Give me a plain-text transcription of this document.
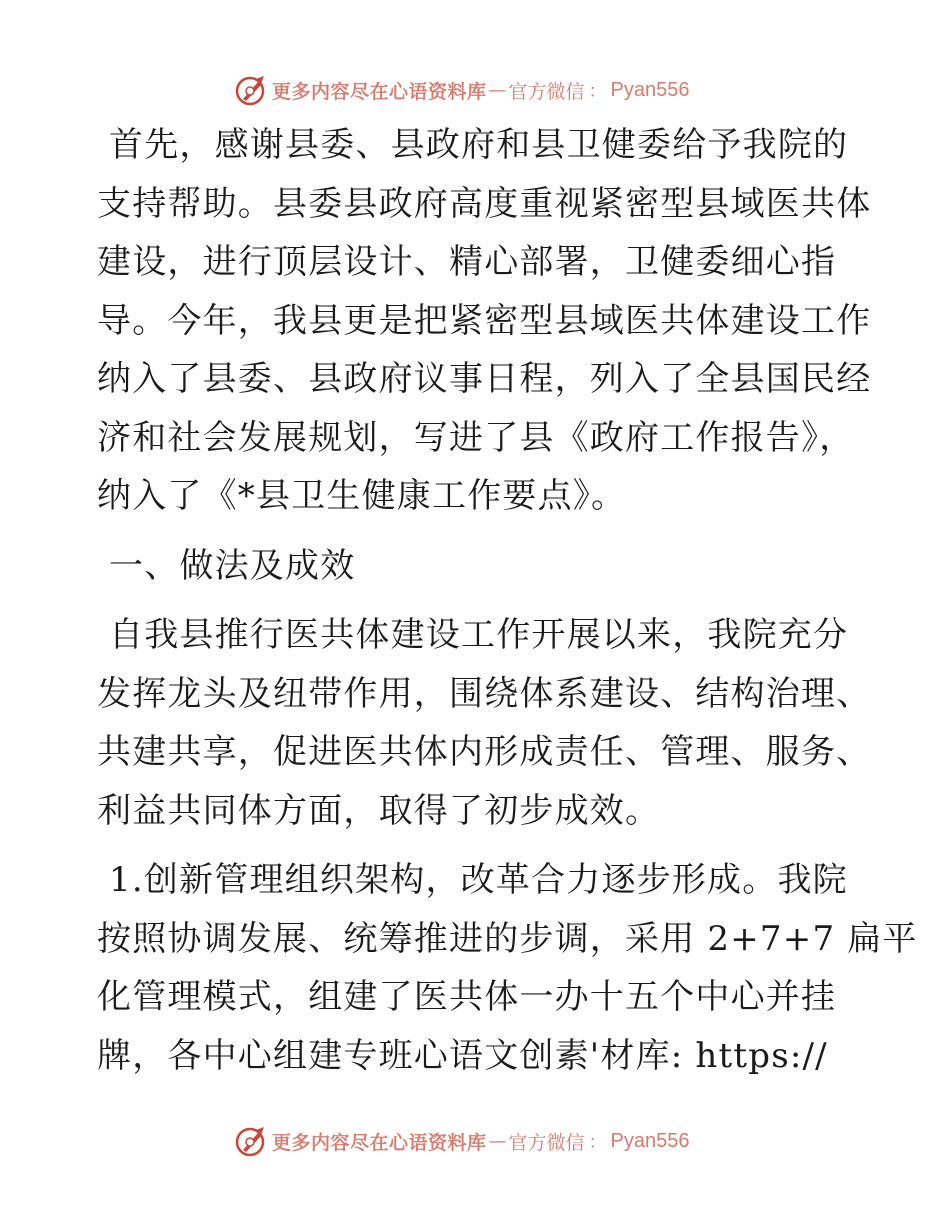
更多内容尽在心语资料库 — 官方微信 ： Pyan556
首先，感谢县委、县政府和县卫健委给予我院的
支持帮助。县委县政府高度重视紧密型县域医共体
建设，进行顶层设计、精心部署，卫健委细心指
导。今年，我县更是把紧密型县域医共体建设工作
纳入了县委、县政府议事日程，列入了全县国民经
济和社会发展规划，写进了县《政府工作报告》，
纳入了《*县卫生健康工作要点》。
一、做法及成效
自我县推行医共体建设工作开展以来，我院充分
发挥龙头及纽带作用，围绕体系建设、结构治理、
共建共享，促进医共体内形成责任、管理、服务、
利益共同体方面，取得了初步成效。
1.创新管理组织架构，改革合力逐步形成。我院
按照协调发展、统筹推进的步调，采用 2+7+7 扁平
化管理模式，组建了医共体一办十五个中心并挂
牌，各中心组建专班心语文创素'材库: https://
更多内容尽在心语资料库 — 官方微信 ： Pyan556
